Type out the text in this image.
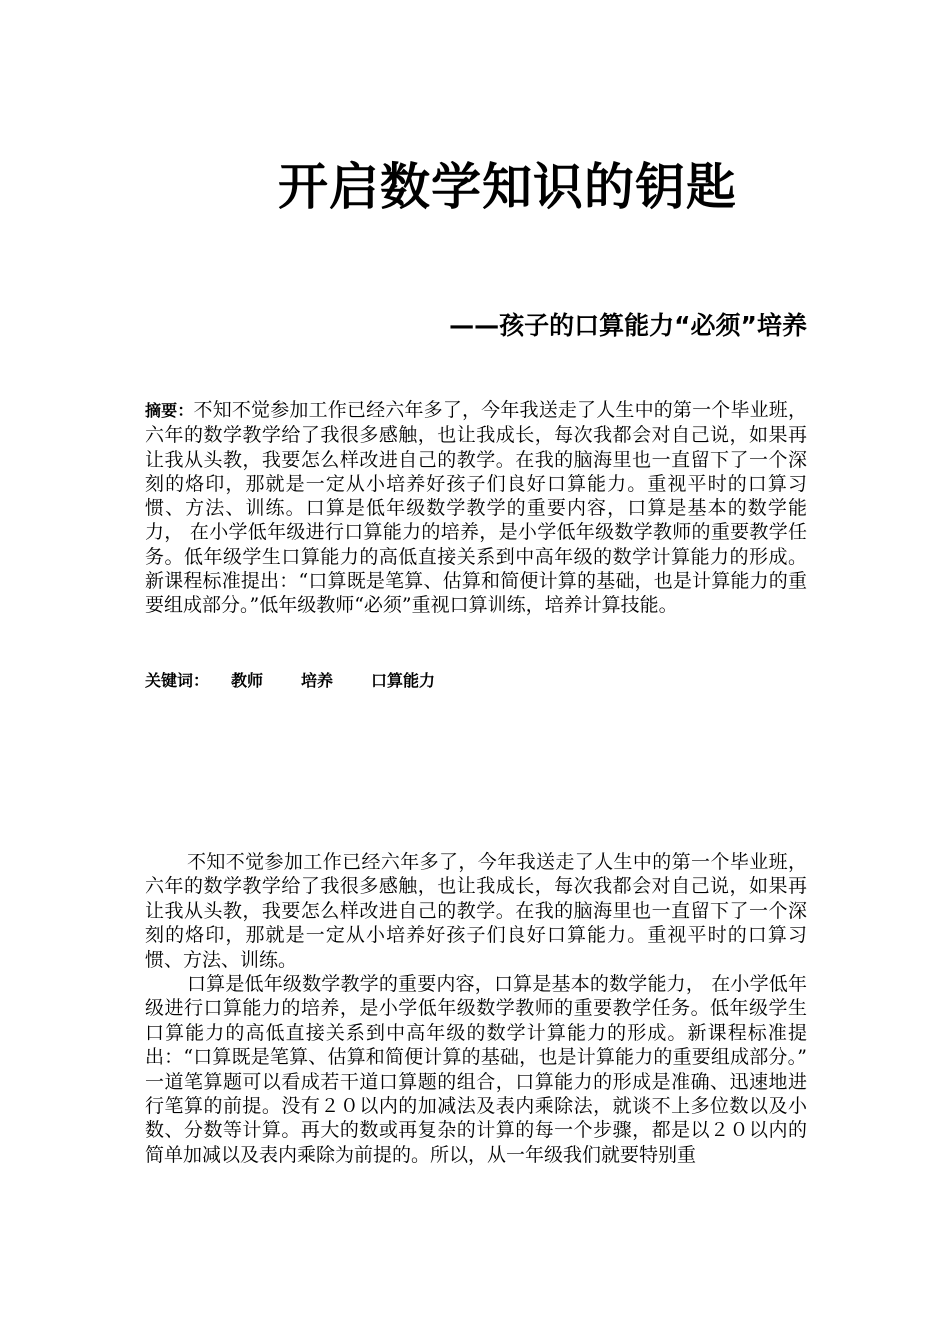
开启数学知识的钥匙
——孩子的口算能力“必须”培养

摘要：不知不觉参加工作已经六年多了，今年我送走了人生中的第一个毕业班，六年的数学教学给了我很多感触，也让我成长，每次我都会对自己说，如果再让我从头教，我要怎么样改进自己的教学。在我的脑海里也一直留下了一个深刻的烙印，那就是一定从小培养好孩子们良好口算能力。重视平时的口算习惯、方法、训练。口算是低年级数学教学的重要内容，口算是基本的数学能力， 在小学低年级进行口算能力的培养，是小学低年级数学教师的重要教学任务。低年级学生口算能力的高低直接关系到中高年级的数学计算能力的形成。新课程标准提出：“口算既是笔算、估算和简便计算的基础，也是计算能力的重要组成部分。”低年级教师“必须”重视口算训练，培养计算技能。

关键词： 教师 培养 口算能力

不知不觉参加工作已经六年多了，今年我送走了人生中的第一个毕业班，六年的数学教学给了我很多感触，也让我成长，每次我都会对自己说，如果再让我从头教，我要怎么样改进自己的教学。在我的脑海里也一直留下了一个深刻的烙印，那就是一定从小培养好孩子们良好口算能力。重视平时的口算习惯、方法、训练。

口算是低年级数学教学的重要内容，口算是基本的数学能力， 在小学低年级进行口算能力的培养，是小学低年级数学教师的重要教学任务。低年级学生口算能力的高低直接关系到中高年级的数学计算能力的形成。新课程标准提出：“口算既是笔算、估算和简便计算的基础，也是计算能力的重要组成部分。” 一道笔算题可以看成若干道口算题的组合，口算能力的形成是准确、迅速地进行笔算的前提。没有２０以内的加减法及表内乘除法，就谈不上多位数以及小数、分数等计算。再大的数或再复杂的计算的每一个步骤，都是以２０以内的简单加减以及表内乘除为前提的。所以，从一年级我们就要特别重
